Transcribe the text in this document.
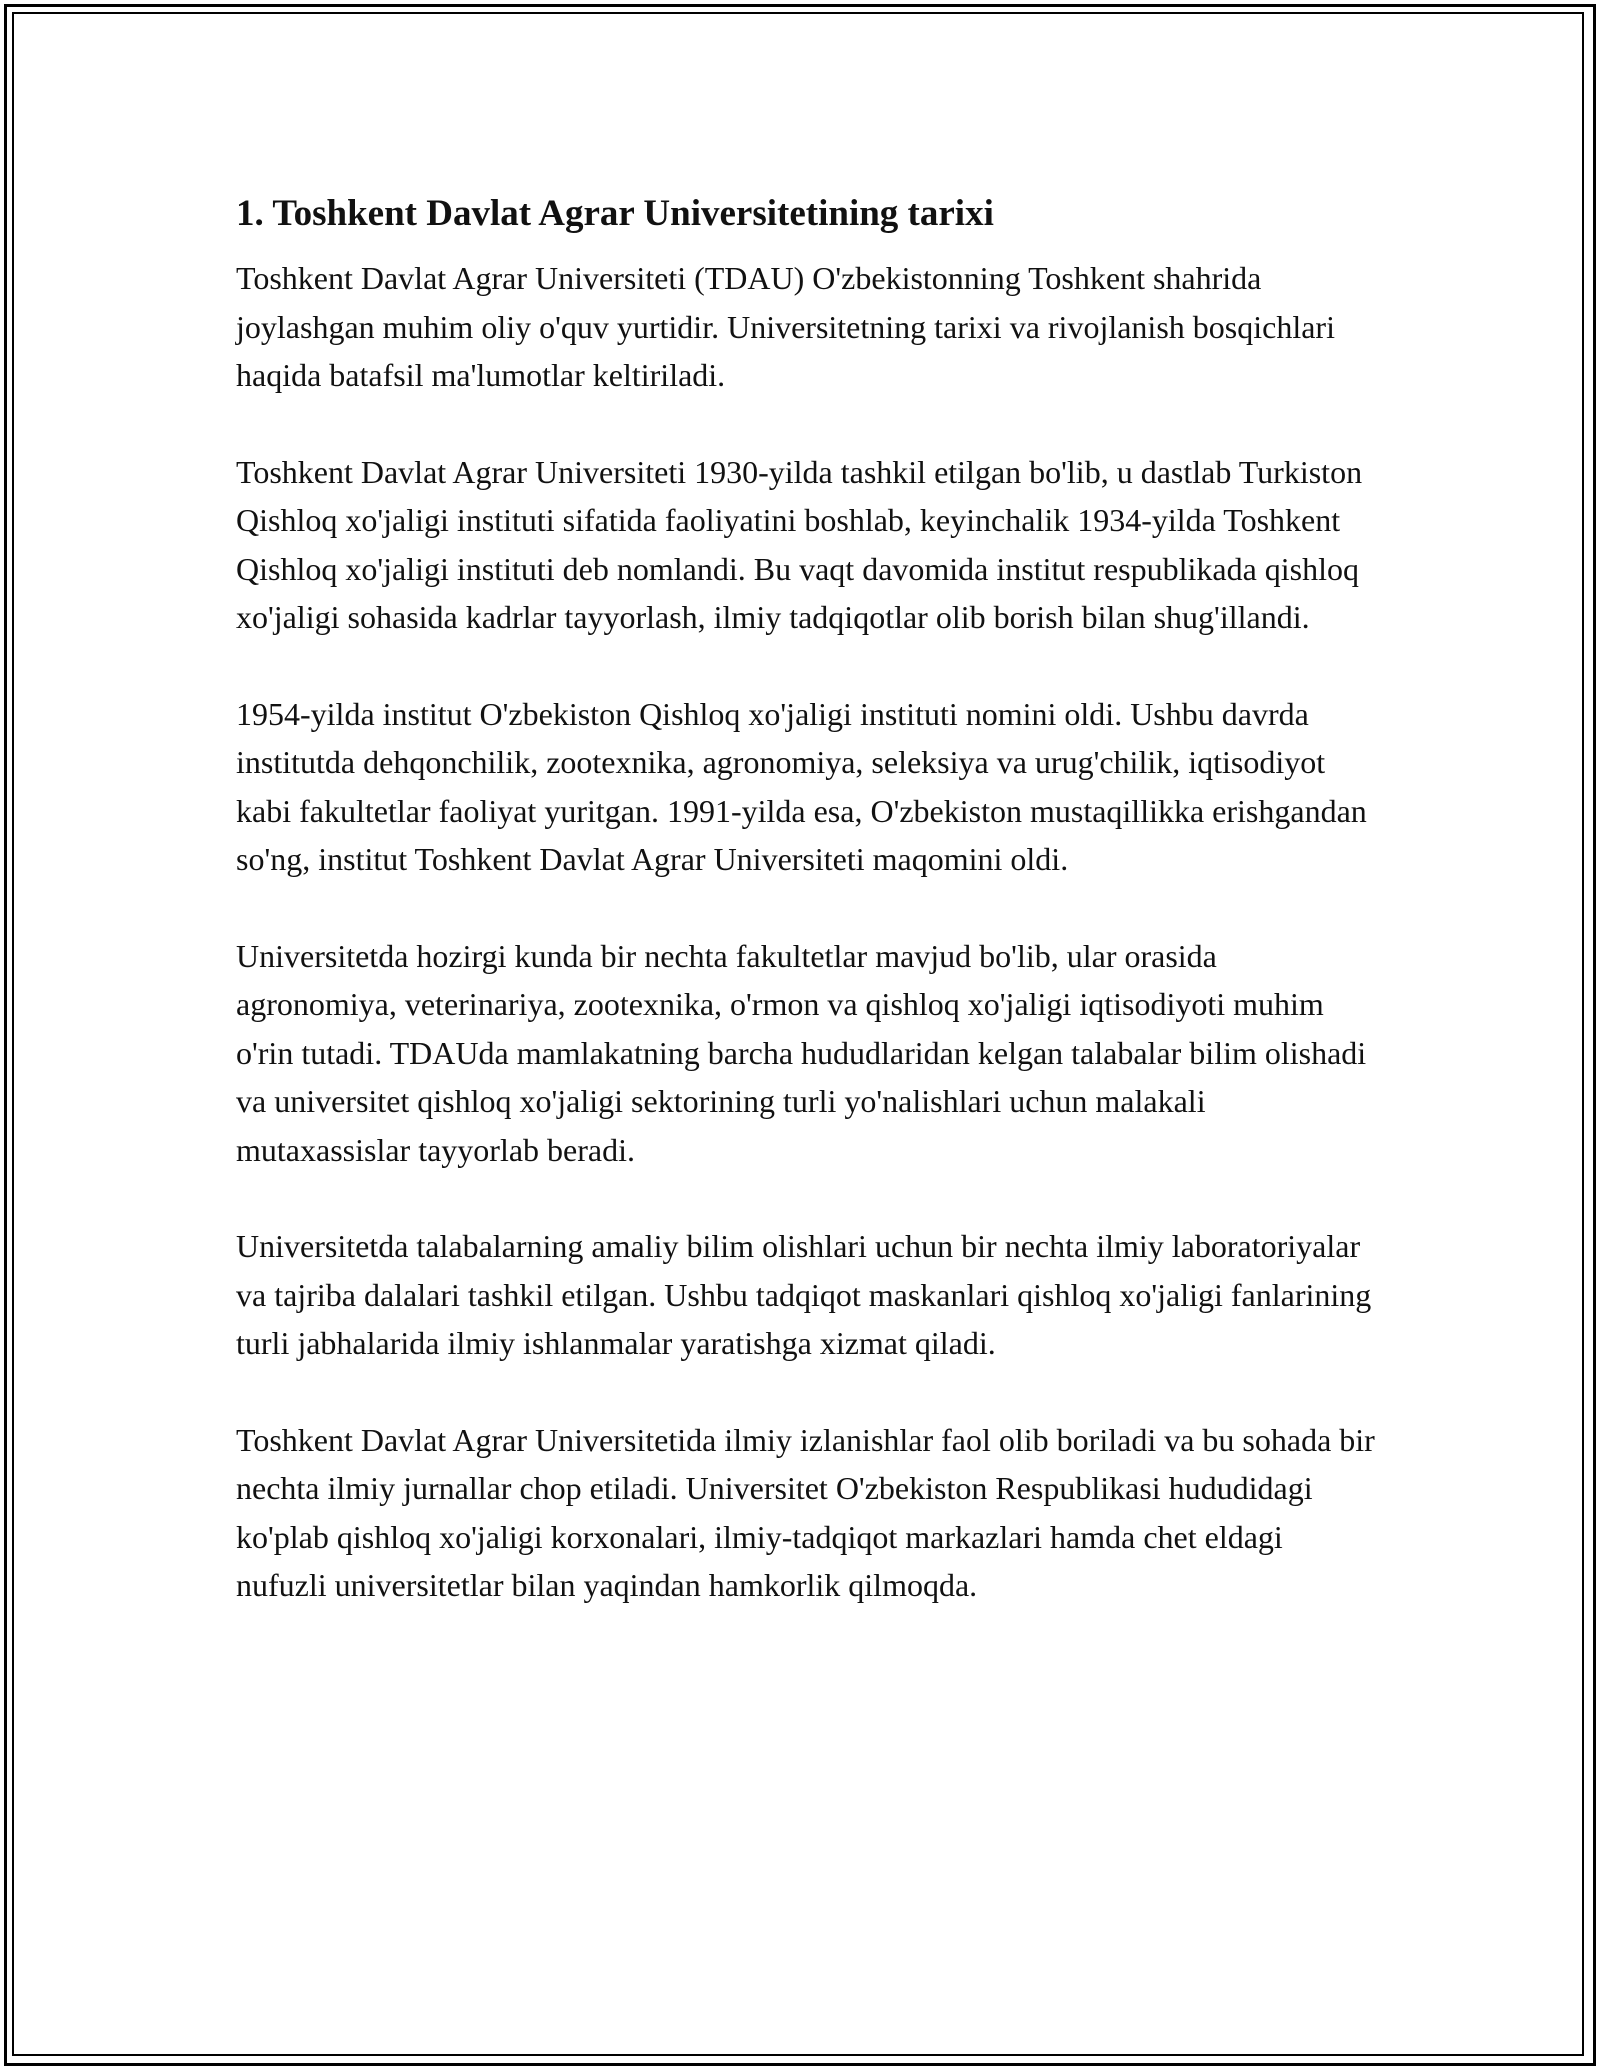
1. Toshkent Davlat Agrar Universitetining tarixi

Toshkent Davlat Agrar Universiteti (TDAU) O'zbekistonning Toshkent shahrida joylashgan muhim oliy o'quv yurtidir. Universitetning tarixi va rivojlanish bosqichlari haqida batafsil ma'lumotlar keltiriladi.

Toshkent Davlat Agrar Universiteti 1930-yilda tashkil etilgan bo'lib, u dastlab Turkiston Qishloq xo'jaligi instituti sifatida faoliyatini boshlab, keyinchalik 1934-yilda Toshkent Qishloq xo'jaligi instituti deb nomlandi. Bu vaqt davomida institut respublikada qishloq xo'jaligi sohasida kadrlar tayyorlash, ilmiy tadqiqotlar olib borish bilan shug'illandi.

1954-yilda institut O'zbekiston Qishloq xo'jaligi instituti nomini oldi. Ushbu davrda institutda dehqonchilik, zootexnika, agronomiya, seleksiya va urug'chilik, iqtisodiyot kabi fakultetlar faoliyat yuritgan. 1991-yilda esa, O'zbekiston mustaqillikka erishgandan so'ng, institut Toshkent Davlat Agrar Universiteti maqomini oldi.

Universitetda hozirgi kunda bir nechta fakultetlar mavjud bo'lib, ular orasida agronomiya, veterinariya, zootexnika, o'rmon va qishloq xo'jaligi iqtisodiyoti muhim o'rin tutadi. TDAUda mamlakatning barcha hududlaridan kelgan talabalar bilim olishadi va universitet qishloq xo'jaligi sektorining turli yo'nalishlari uchun malakali mutaxassislar tayyorlab beradi.

Universitetda talabalarning amaliy bilim olishlari uchun bir nechta ilmiy laboratoriyalar va tajriba dalalari tashkil etilgan. Ushbu tadqiqot maskanlari qishloq xo'jaligi fanlarining turli jabhalarida ilmiy ishlanmalar yaratishga xizmat qiladi.

Toshkent Davlat Agrar Universitetida ilmiy izlanishlar faol olib boriladi va bu sohada bir nechta ilmiy jurnallar chop etiladi. Universitet O'zbekiston Respublikasi hududidagi ko'plab qishloq xo'jaligi korxonalari, ilmiy-tadqiqot markazlari hamda chet eldagi nufuzli universitetlar bilan yaqindan hamkorlik qilmoqda.
